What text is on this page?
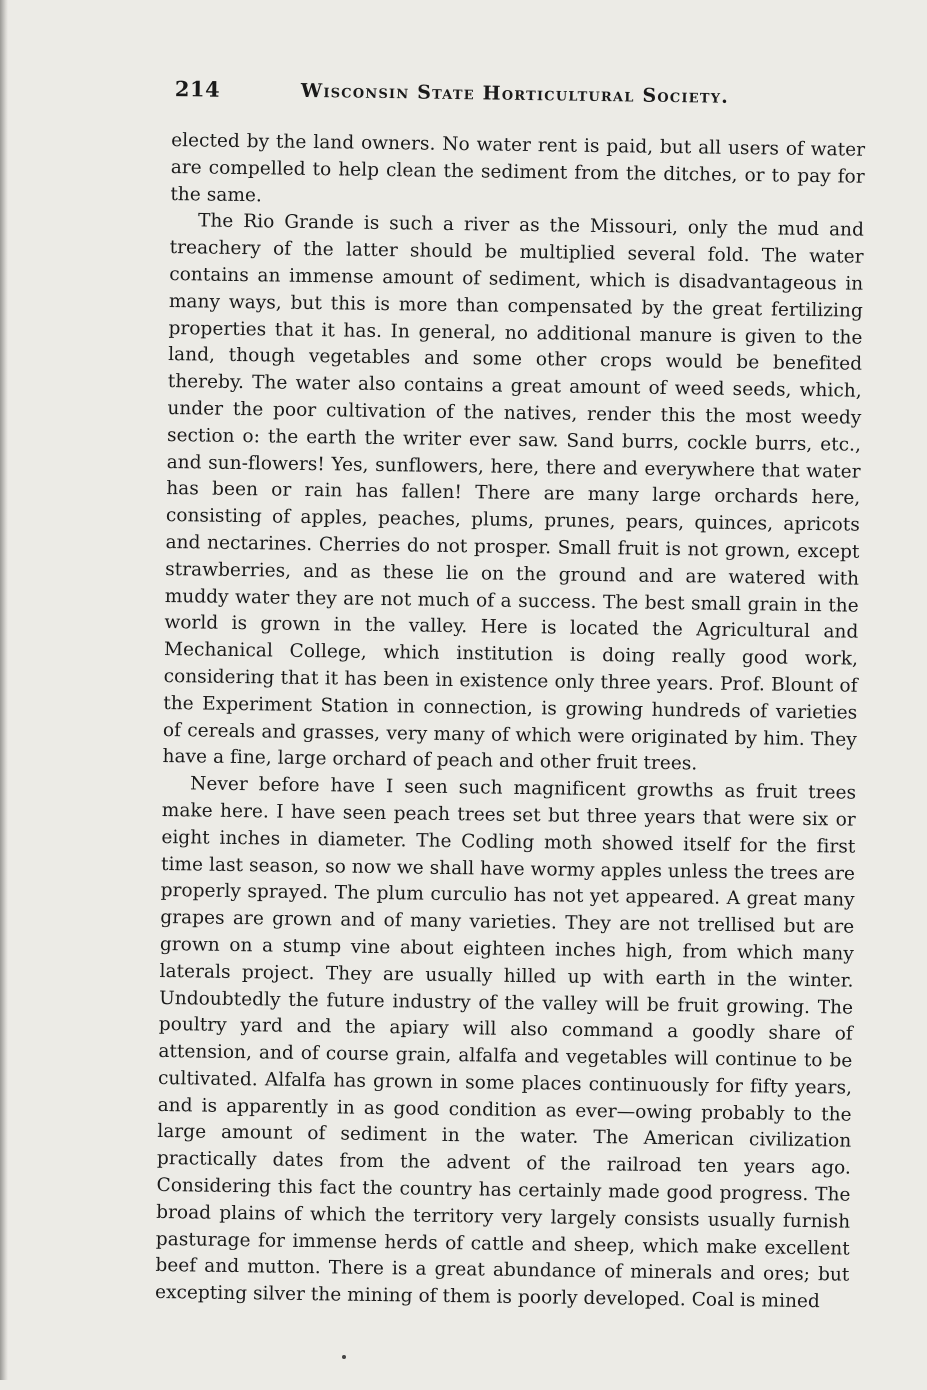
214	Wisconsin State Horticultural Society.

elected by the land owners. No water rent is paid, but all users of water are compelled to help clean the sediment from the ditches, or to pay for the same.

The Rio Grande is such a river as the Missouri, only the mud and treachery of the latter should be multiplied several fold. The water contains an immense amount of sediment, which is disadvantageous in many ways, but this is more than compensated by the great fertilizing properties that it has. In general, no additional manure is given to the land, though vegetables and some other crops would be benefited thereby. The water also contains a great amount of weed seeds, which, under the poor cultivation of the natives, render this the most weedy section o: the earth the writer ever saw. Sand burrs, cockle burrs, etc., and sun-flowers! Yes, sunflowers, here, there and everywhere that water has been or rain has fallen! There are many large orchards here, consisting of apples, peaches, plums, prunes, pears, quinces, apricots and nectarines. Cherries do not prosper. Small fruit is not grown, except strawberries, and as these lie on the ground and are watered with muddy water they are not much of a success. The best small grain in the world is grown in the valley. Here is located the Agricultural and Mechanical College, which institution is doing really good work, considering that it has been in existence only three years. Prof. Blount of the Experiment Station in connection, is growing hundreds of varieties of cereals and grasses, very many of which were originated by him. They have a fine, large orchard of peach and other fruit trees.

Never before have I seen such magnificent growths as fruit trees make here. I have seen peach trees set but three years that were six or eight inches in diameter. The Codling moth showed itself for the first time last season, so now we shall have wormy apples unless the trees are properly sprayed. The plum curculio has not yet appeared. A great many grapes are grown and of many varieties. They are not trellised but are grown on a stump vine about eighteen inches high, from which many laterals project. They are usually hilled up with earth in the winter. Undoubtedly the future industry of the valley will be fruit growing. The poultry yard and the apiary will also command a goodly share of attension, and of course grain, alfalfa and vegetables will continue to be cultivated. Alfalfa has grown in some places continuously for fifty years, and is apparently in as good condition as ever—owing probably to the large amount of sediment in the water. The American civilization practically dates from the advent of the railroad ten years ago. Considering this fact the country has certainly made good progress. The broad plains of which the territory very largely consists usually furnish pasturage for immense herds of cattle and sheep, which make excellent beef and mutton. There is a great abundance of minerals and ores; but excepting silver the mining of them is poorly developed. Coal is mined
